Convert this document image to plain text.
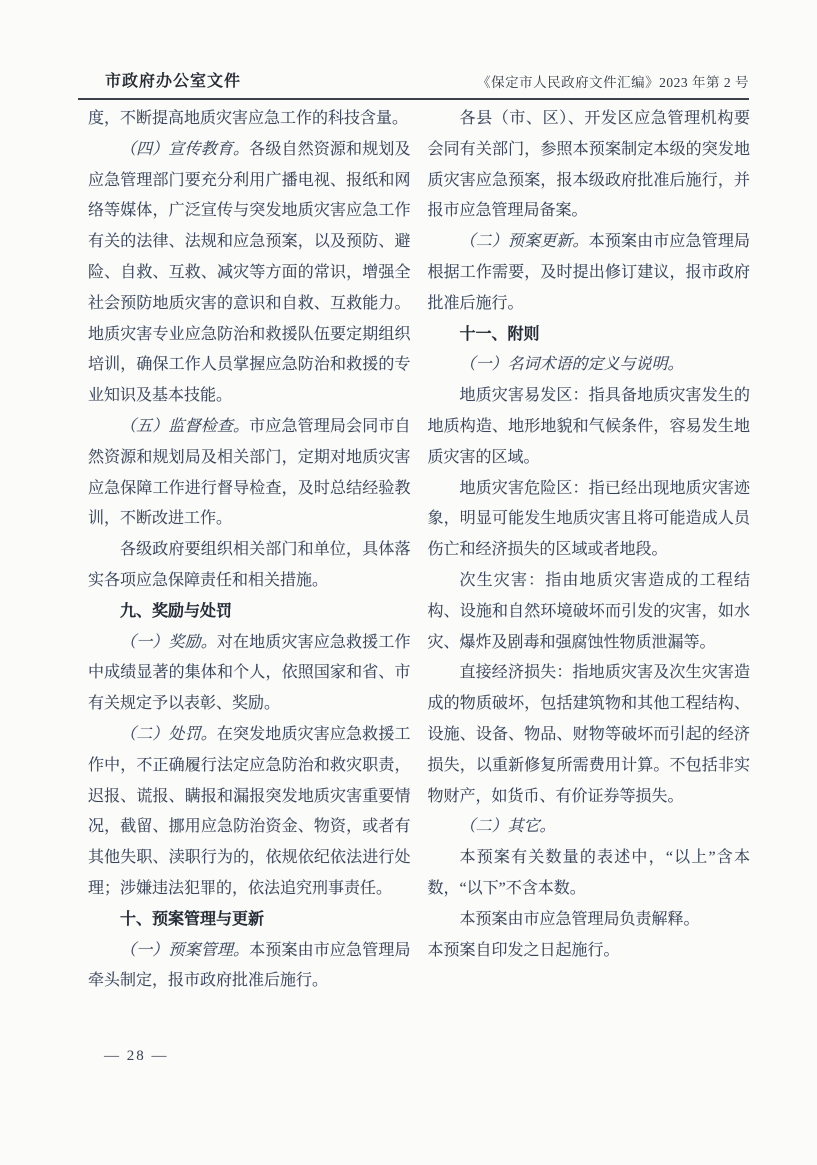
市政府办公室文件	《保定市人民政府文件汇编》2023 年第 2 号

度，不断提高地质灾害应急工作的科技含量。

（四）宣传教育。各级自然资源和规划及应急管理部门要充分利用广播电视、报纸和网络等媒体，广泛宣传与突发地质灾害应急工作有关的法律、法规和应急预案，以及预防、避险、自救、互救、减灾等方面的常识，增强全社会预防地质灾害的意识和自救、互救能力。地质灾害专业应急防治和救援队伍要定期组织培训，确保工作人员掌握应急防治和救援的专业知识及基本技能。

（五）监督检查。市应急管理局会同市自然资源和规划局及相关部门，定期对地质灾害应急保障工作进行督导检查，及时总结经验教训，不断改进工作。

各级政府要组织相关部门和单位，具体落实各项应急保障责任和相关措施。

九、奖励与处罚

（一）奖励。对在地质灾害应急救援工作中成绩显著的集体和个人，依照国家和省、市有关规定予以表彰、奖励。

（二）处罚。在突发地质灾害应急救援工作中，不正确履行法定应急防治和救灾职责，迟报、谎报、瞒报和漏报突发地质灾害重要情况，截留、挪用应急防治资金、物资，或者有其他失职、渎职行为的，依规依纪依法进行处理；涉嫌违法犯罪的，依法追究刑事责任。

十、预案管理与更新

（一）预案管理。本预案由市应急管理局牵头制定，报市政府批准后施行。

各县（市、区）、开发区应急管理机构要会同有关部门，参照本预案制定本级的突发地质灾害应急预案，报本级政府批准后施行，并报市应急管理局备案。

（二）预案更新。本预案由市应急管理局根据工作需要，及时提出修订建议，报市政府批准后施行。

十一、附则

（一）名词术语的定义与说明。

地质灾害易发区：指具备地质灾害发生的地质构造、地形地貌和气候条件，容易发生地质灾害的区域。

地质灾害危险区：指已经出现地质灾害迹象，明显可能发生地质灾害且将可能造成人员伤亡和经济损失的区域或者地段。

次生灾害：指由地质灾害造成的工程结构、设施和自然环境破坏而引发的灾害，如水灾、爆炸及剧毒和强腐蚀性物质泄漏等。

直接经济损失：指地质灾害及次生灾害造成的物质破坏，包括建筑物和其他工程结构、设施、设备、物品、财物等破坏而引起的经济损失，以重新修复所需费用计算。不包括非实物财产，如货币、有价证券等损失。

（二）其它。

本预案有关数量的表述中，“以上”含本数，“以下”不含本数。

本预案由市应急管理局负责解释。

本预案自印发之日起施行。

— 28 —
